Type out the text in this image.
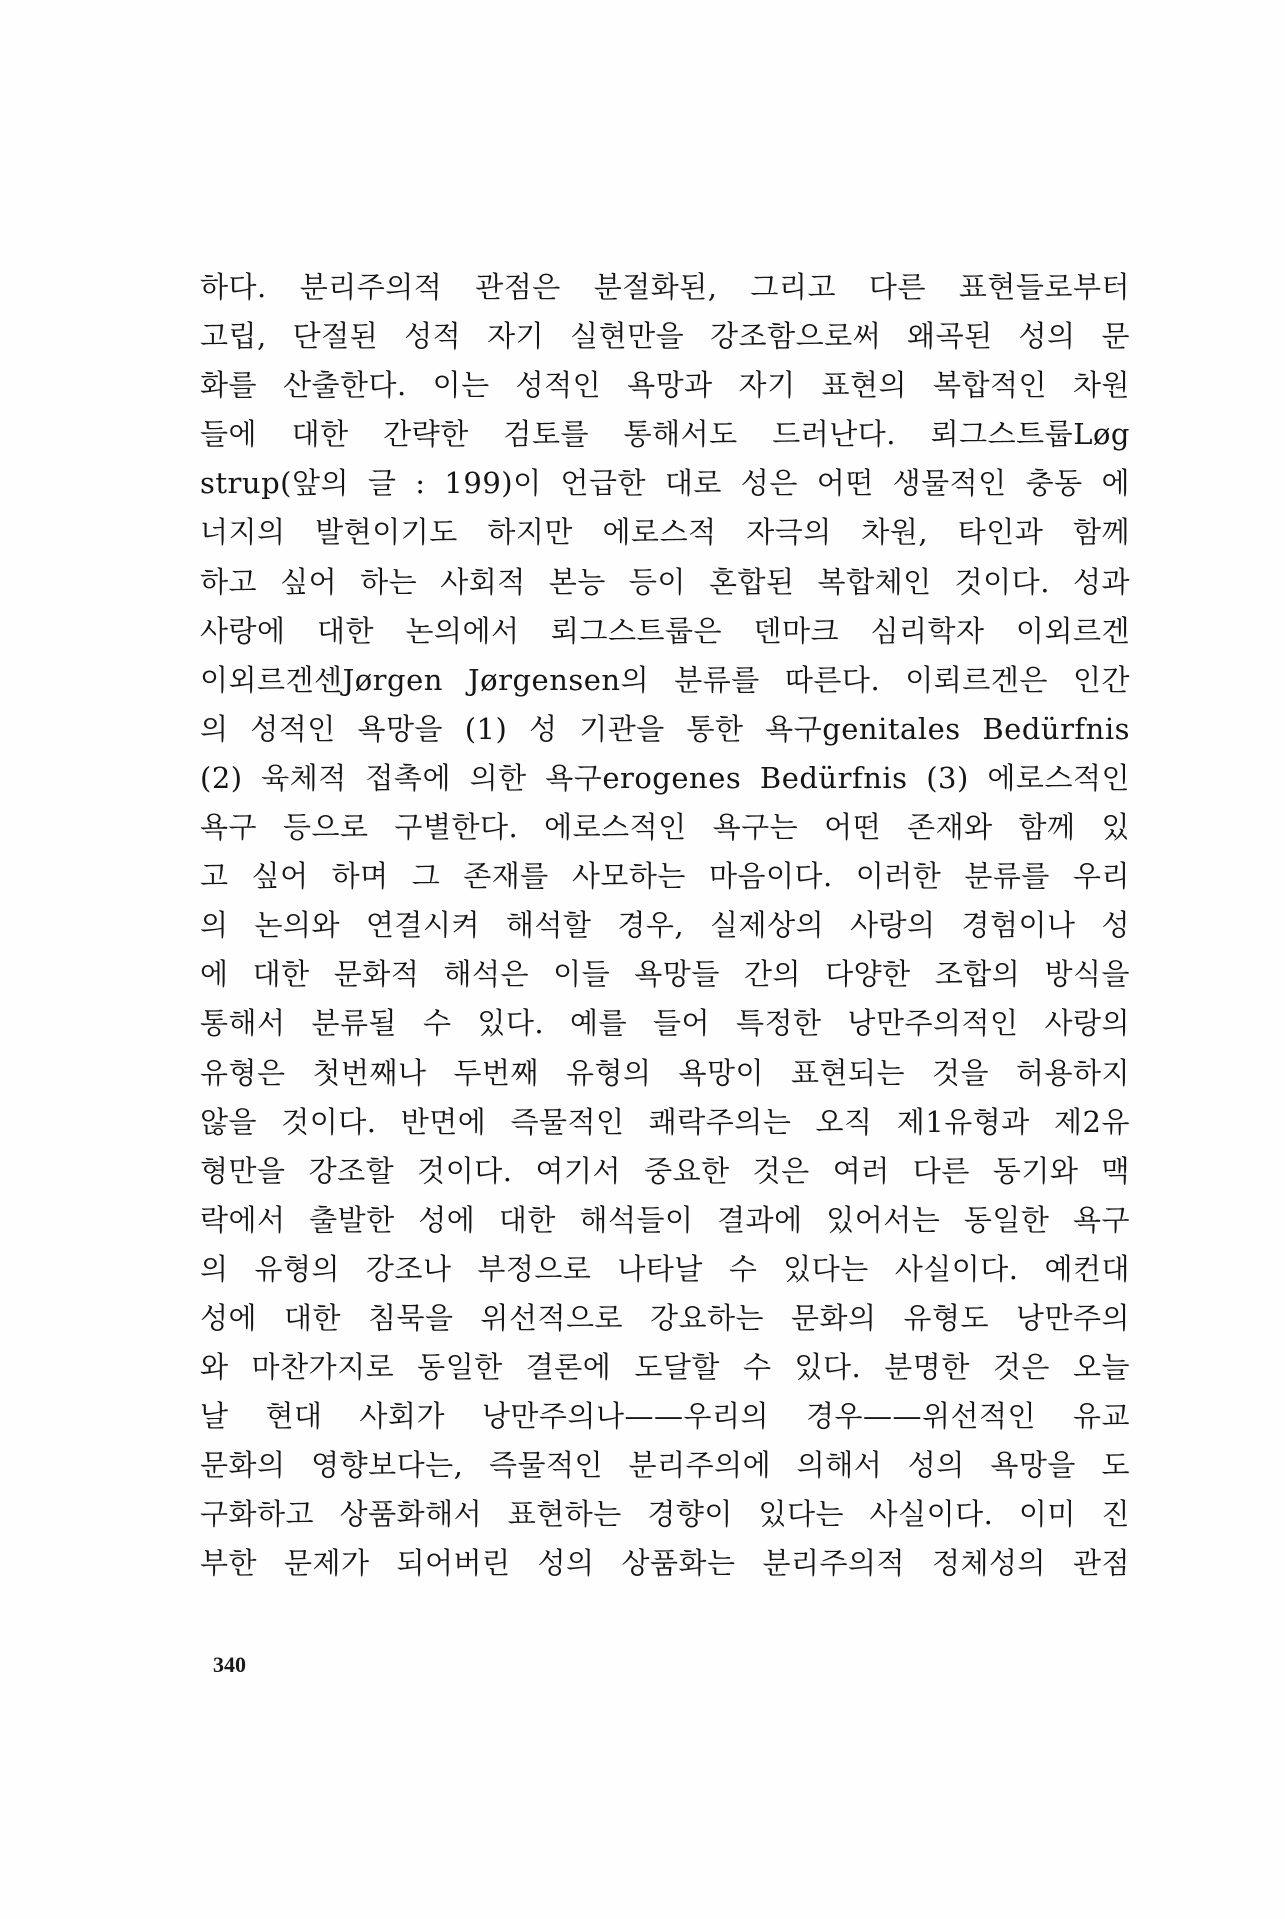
하다. 분리주의적 관점은 분절화된, 그리고 다른 표현들로부터
고립, 단절된 성적 자기 실현만을 강조함으로써 왜곡된 성의 문
화를 산출한다. 이는 성적인 욕망과 자기 표현의 복합적인 차원
들에 대한 간략한 검토를 통해서도 드러난다. 뢰그스트룹Løg
strup(앞의 글 : 199)이 언급한 대로 성은 어떤 생물적인 충동 에
너지의 발현이기도 하지만 에로스적 자극의 차원, 타인과 함께
하고 싶어 하는 사회적 본능 등이 혼합된 복합체인 것이다. 성과
사랑에 대한 논의에서 뢰그스트룹은 덴마크 심리학자 이외르겐
이외르겐센Jørgen Jørgensen의 분류를 따른다. 이뢰르겐은 인간
의 성적인 욕망을 (1) 성 기관을 통한 욕구genitales Bedürfnis
(2) 육체적 접촉에 의한 욕구erogenes Bedürfnis (3) 에로스적인
욕구 등으로 구별한다. 에로스적인 욕구는 어떤 존재와 함께 있
고 싶어 하며 그 존재를 사모하는 마음이다. 이러한 분류를 우리
의 논의와 연결시켜 해석할 경우, 실제상의 사랑의 경험이나 성
에 대한 문화적 해석은 이들 욕망들 간의 다양한 조합의 방식을
통해서 분류될 수 있다. 예를 들어 특정한 낭만주의적인 사랑의
유형은 첫번째나 두번째 유형의 욕망이 표현되는 것을 허용하지
않을 것이다. 반면에 즉물적인 쾌락주의는 오직 제1유형과 제2유
형만을 강조할 것이다. 여기서 중요한 것은 여러 다른 동기와 맥
락에서 출발한 성에 대한 해석들이 결과에 있어서는 동일한 욕구
의 유형의 강조나 부정으로 나타날 수 있다는 사실이다. 예컨대
성에 대한 침묵을 위선적으로 강요하는 문화의 유형도 낭만주의
와 마찬가지로 동일한 결론에 도달할 수 있다. 분명한 것은 오늘
날 현대 사회가 낭만주의나——우리의 경우——위선적인 유교
문화의 영향보다는, 즉물적인 분리주의에 의해서 성의 욕망을 도
구화하고 상품화해서 표현하는 경향이 있다는 사실이다. 이미 진
부한 문제가 되어버린 성의 상품화는 분리주의적 정체성의 관점
340
